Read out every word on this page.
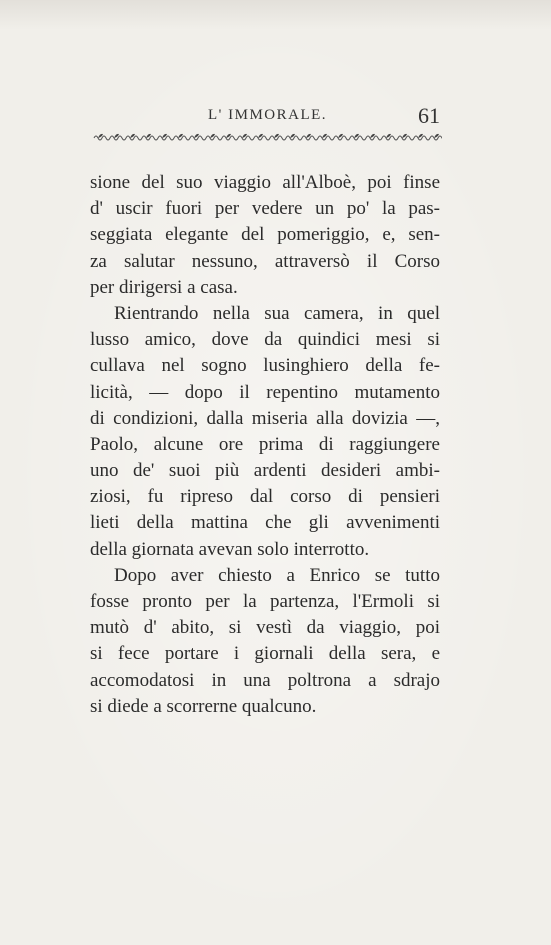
L' IMMORALE.	61
sione del suo viaggio all'Alboè, poi finse
d' uscir fuori per vedere un po' la pas-
seggiata elegante del pomeriggio, e, sen-
za salutar nessuno, attraversò il Corso
per dirigersi a casa.
Rientrando nella sua camera, in quel
lusso amico, dove da quindici mesi si
cullava nel sogno lusinghiero della fe-
licità, — dopo il repentino mutamento
di condizioni, dalla miseria alla dovizia —,
Paolo, alcune ore prima di raggiungere
uno de' suoi più ardenti desideri ambi-
ziosi, fu ripreso dal corso di pensieri
lieti della mattina che gli avvenimenti
della giornata avevan solo interrotto.
Dopo aver chiesto a Enrico se tutto
fosse pronto per la partenza, l'Ermoli si
mutò d' abito, si vestì da viaggio, poi
si fece portare i giornali della sera, e
accomodatosi in una poltrona a sdrajo
si diede a scorrerne qualcuno.
